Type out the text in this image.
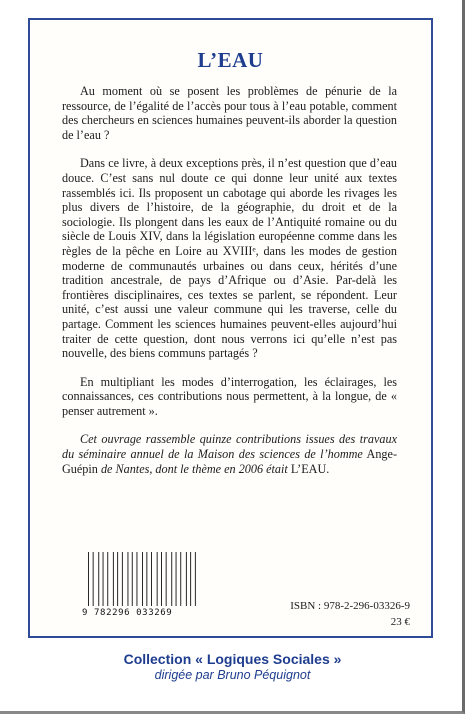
L’EAU

Au moment où se posent les problèmes de pénurie de la ressource, de l’égalité de l’accès pour tous à l’eau potable, comment des chercheurs en sciences humaines peuvent-ils aborder la question de l’eau ?

Dans ce livre, à deux exceptions près, il n’est question que d’eau douce. C’est sans nul doute ce qui donne leur unité aux textes rassemblés ici. Ils proposent un cabotage qui aborde les rivages les plus divers de l’histoire, de la géographie, du droit et de la sociologie. Ils plongent dans les eaux de l’Antiquité romaine ou du siècle de Louis XIV, dans la législation européenne comme dans les règles de la pêche en Loire au XVIIIᵉ, dans les modes de gestion moderne de communautés urbaines ou dans ceux, hérités d’une tradition ancestrale, de pays d’Afrique ou d’Asie. Par-delà les frontières disciplinaires, ces textes se parlent, se répondent. Leur unité, c’est aussi une valeur commune qui les traverse, celle du partage. Comment les sciences humaines peuvent-elles aujourd’hui traiter de cette question, dont nous verrons ici qu’elle n’est pas nouvelle, des biens communs partagés ?

En multipliant les modes d’interrogation, les éclairages, les connaissances, ces contributions nous permettent, à la longue, de « penser autrement ».

Cet ouvrage rassemble quinze contributions issues des travaux du séminaire annuel de la Maison des sciences de l’homme Ange-Guépin de Nantes, dont le thème en 2006 était L’EAU.

9 782296 033269
ISBN : 978-2-296-03326-9
23 €
Collection « Logiques Sociales »
dirigée par Bruno Péquignot
